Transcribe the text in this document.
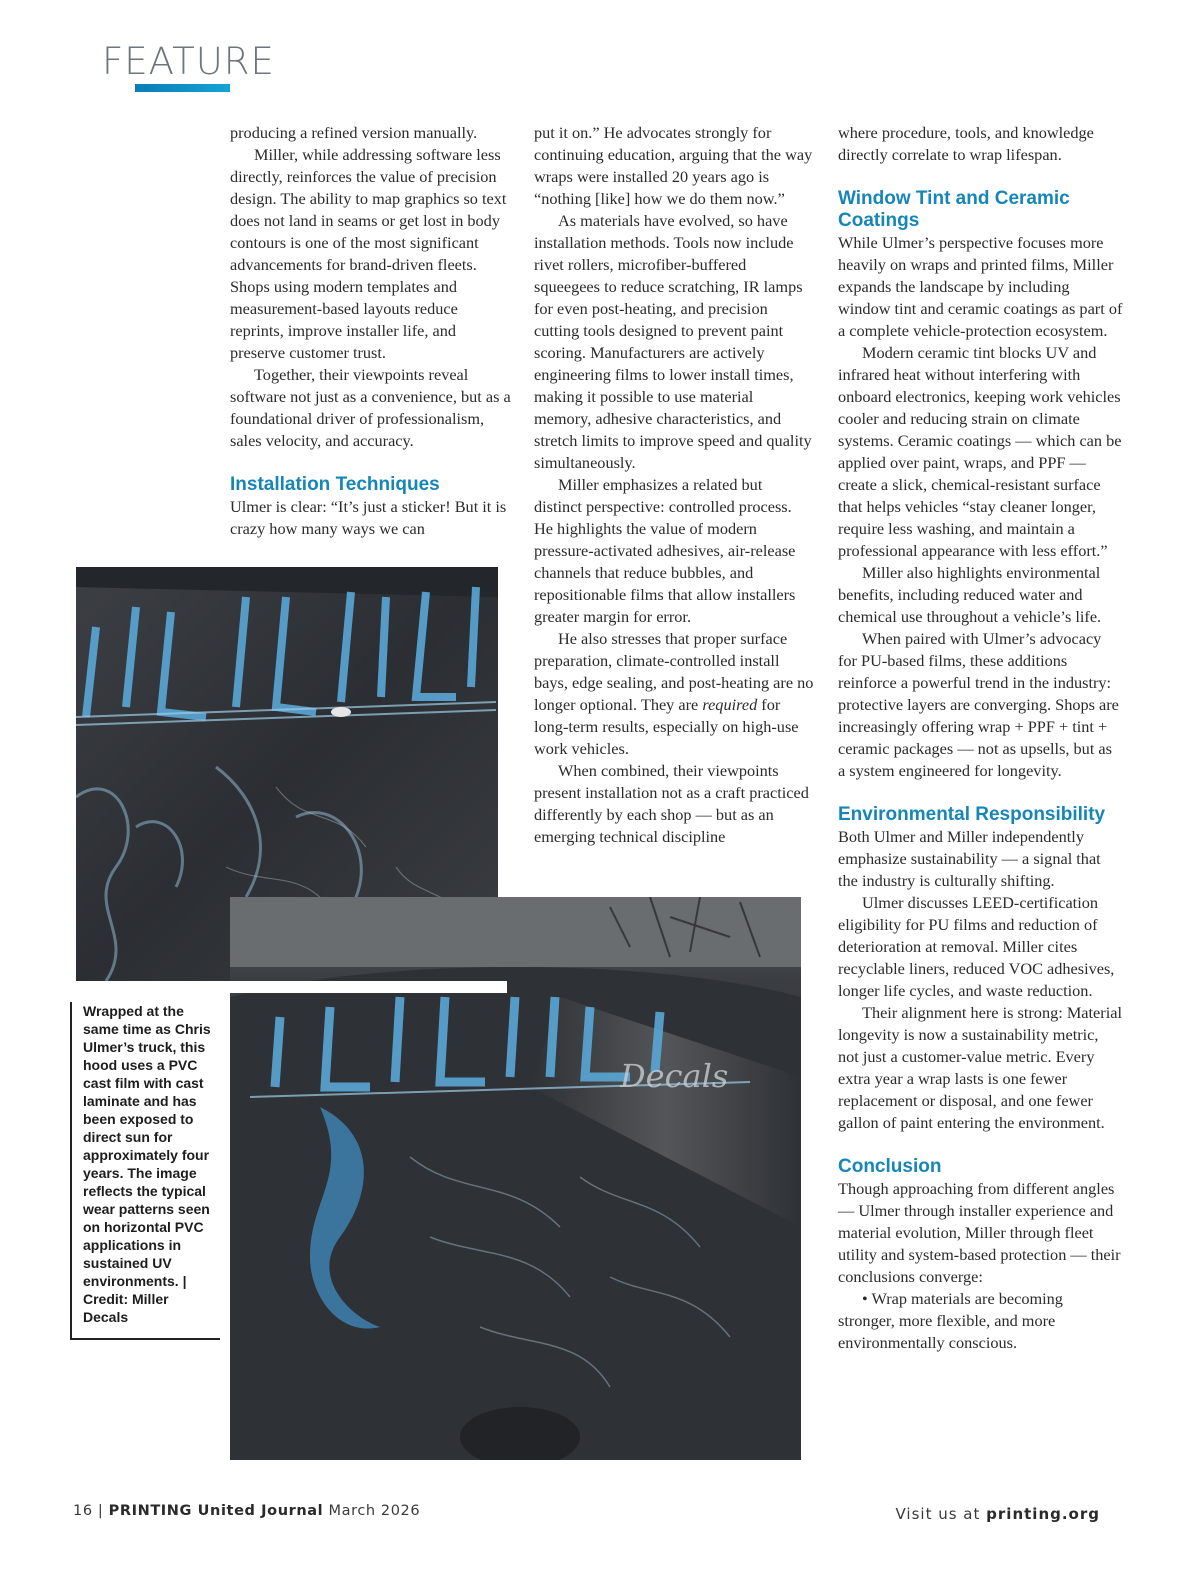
FEATURE

producing a refined version manually.

Miller, while addressing software less directly, reinforces the value of precision design. The ability to map graphics so text does not land in seams or get lost in body contours is one of the most significant advancements for brand-driven fleets. Shops using modern templates and measurement-based layouts reduce reprints, improve installer life, and preserve customer trust.

Together, their viewpoints reveal software not just as a convenience, but as a foundational driver of professionalism, sales velocity, and accuracy.

Installation Techniques

Ulmer is clear: “It’s just a sticker! But it is crazy how many ways we can

put it on.” He advocates strongly for continuing education, arguing that the way wraps were installed 20 years ago is “nothing [like] how we do them now.”

As materials have evolved, so have installation methods. Tools now include rivet rollers, microfiber-buffered squeegees to reduce scratching, IR lamps for even post-heating, and precision cutting tools designed to prevent paint scoring. Manufacturers are actively engineering films to lower install times, making it possible to use material memory, adhesive characteristics, and stretch limits to improve speed and quality simultaneously.

Miller emphasizes a related but distinct perspective: controlled process. He highlights the value of modern pressure-activated adhesives, air-release channels that reduce bubbles, and repositionable films that allow installers greater margin for error.

He also stresses that proper surface preparation, climate-controlled install bays, edge sealing, and post-heating are no longer optional. They are required for long-term results, especially on high-use work vehicles.

When combined, their viewpoints present installation not as a craft practiced differently by each shop — but as an emerging technical discipline

where procedure, tools, and knowledge directly correlate to wrap lifespan.

Window Tint and Ceramic Coatings

While Ulmer’s perspective focuses more heavily on wraps and printed films, Miller expands the landscape by including window tint and ceramic coatings as part of a complete vehicle-protection ecosystem.

Modern ceramic tint blocks UV and infrared heat without interfering with onboard electronics, keeping work vehicles cooler and reducing strain on climate systems. Ceramic coatings — which can be applied over paint, wraps, and PPF — create a slick, chemical-resistant surface that helps vehicles “stay cleaner longer, require less washing, and maintain a professional appearance with less effort.”

Miller also highlights environmental benefits, including reduced water and chemical use throughout a vehicle’s life.

When paired with Ulmer’s advocacy for PU-based films, these additions reinforce a powerful trend in the industry: protective layers are converging. Shops are increasingly offering wrap + PPF + tint + ceramic packages — not as upsells, but as a system engineered for longevity.

Environmental Responsibility

Both Ulmer and Miller independently emphasize sustainability — a signal that the industry is culturally shifting.

Ulmer discusses LEED-certification eligibility for PU films and reduction of deterioration at removal. Miller cites recyclable liners, reduced VOC adhesives, longer life cycles, and waste reduction.

Their alignment here is strong: Material longevity is now a sustainability metric, not just a customer-value metric. Every extra year a wrap lasts is one fewer replacement or disposal, and one fewer gallon of paint entering the environment.

Conclusion

Though approaching from different angles — Ulmer through installer experience and material evolution, Miller through fleet utility and system-based protection — their conclusions converge:

• Wrap materials are becoming stronger, more flexible, and more environmentally conscious.

Decals
Wrapped at the same time as Chris Ulmer’s truck, this hood uses a PVC cast film with cast laminate and has been exposed to direct sun for approximately four years. The image reflects the typical wear patterns seen on horizontal PVC applications in sustained UV environments. | Credit: Miller Decals
16 | PRINTING United Journal March 2026	Visit us at printing.org
